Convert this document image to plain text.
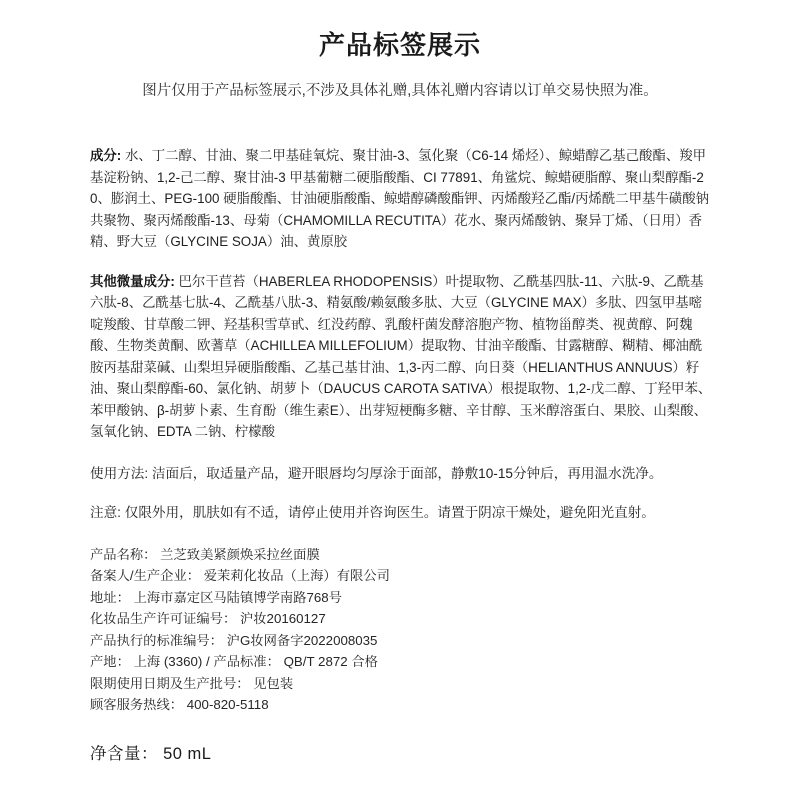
产品标签展示
图片仅用于产品标签展示,不涉及具体礼赠,具体礼赠内容请以订单交易快照为准。
成分: 水、丁二醇、甘油、聚二甲基硅氧烷、聚甘油-3、氢化聚（C6-14 烯烃）、鲸蜡醇乙基己酸酯、羧甲基淀粉钠、1,2-己二醇、聚甘油-3 甲基葡糖二硬脂酸酯、CI 77891、角鲨烷、鲸蜡硬脂醇、聚山梨醇酯-20、膨润土、PEG-100 硬脂酸酯、甘油硬脂酸酯、鲸蜡醇磷酸酯钾、丙烯酸羟乙酯/丙烯酰二甲基牛磺酸钠共聚物、聚丙烯酸酯-13、母菊（CHAMOMILLA RECUTITA）花水、聚丙烯酸钠、聚异丁烯、（日用）香精、野大豆（GLYCINE SOJA）油、黄原胶
其他微量成分: 巴尔干苣苔（HABERLEA RHODOPENSIS）叶提取物、乙酰基四肽-11、六肽-9、乙酰基六肽-8、乙酰基七肽-4、乙酰基八肽-3、精氨酸/赖氨酸多肽、大豆（GLYCINE MAX）多肽、四氢甲基嘧啶羧酸、甘草酸二钾、羟基积雪草甙、红没药醇、乳酸杆菌发酵溶胞产物、植物甾醇类、视黄醇、阿魏酸、生物类黄酮、欧蓍草（ACHILLEA MILLEFOLIUM）提取物、甘油辛酸酯、甘露糖醇、糊精、椰油酰胺丙基甜菜碱、山梨坦异硬脂酸酯、乙基己基甘油、1,3-丙二醇、向日葵（HELIANTHUS ANNUUS）籽油、聚山梨醇酯-60、氯化钠、胡萝卜（DAUCUS CAROTA SATIVA）根提取物、1,2-戊二醇、丁羟甲苯、苯甲酸钠、β-胡萝卜素、生育酚（维生素E）、出芽短梗酶多糖、辛甘醇、玉米醇溶蛋白、果胶、山梨酸、氢氧化钠、EDTA 二钠、柠檬酸
使用方法: 洁面后，取适量产品，避开眼唇均匀厚涂于面部，静敷10-15分钟后，再用温水洗净。
注意: 仅限外用，肌肤如有不适，请停止使用并咨询医生。请置于阴凉干燥处，避免阳光直射。
产品名称： 兰芝致美紧颜焕采拉丝面膜
备案人/生产企业： 爱茉莉化妆品（上海）有限公司
地址： 上海市嘉定区马陆镇博学南路768号
化妆品生产许可证编号： 沪妆20160127
产品执行的标准编号： 沪G妆网备字2022008035
产地： 上海 (3360) / 产品标准： QB/T 2872 合格
限期使用日期及生产批号： 见包装
顾客服务热线： 400-820-5118
净含量： 50 mL
